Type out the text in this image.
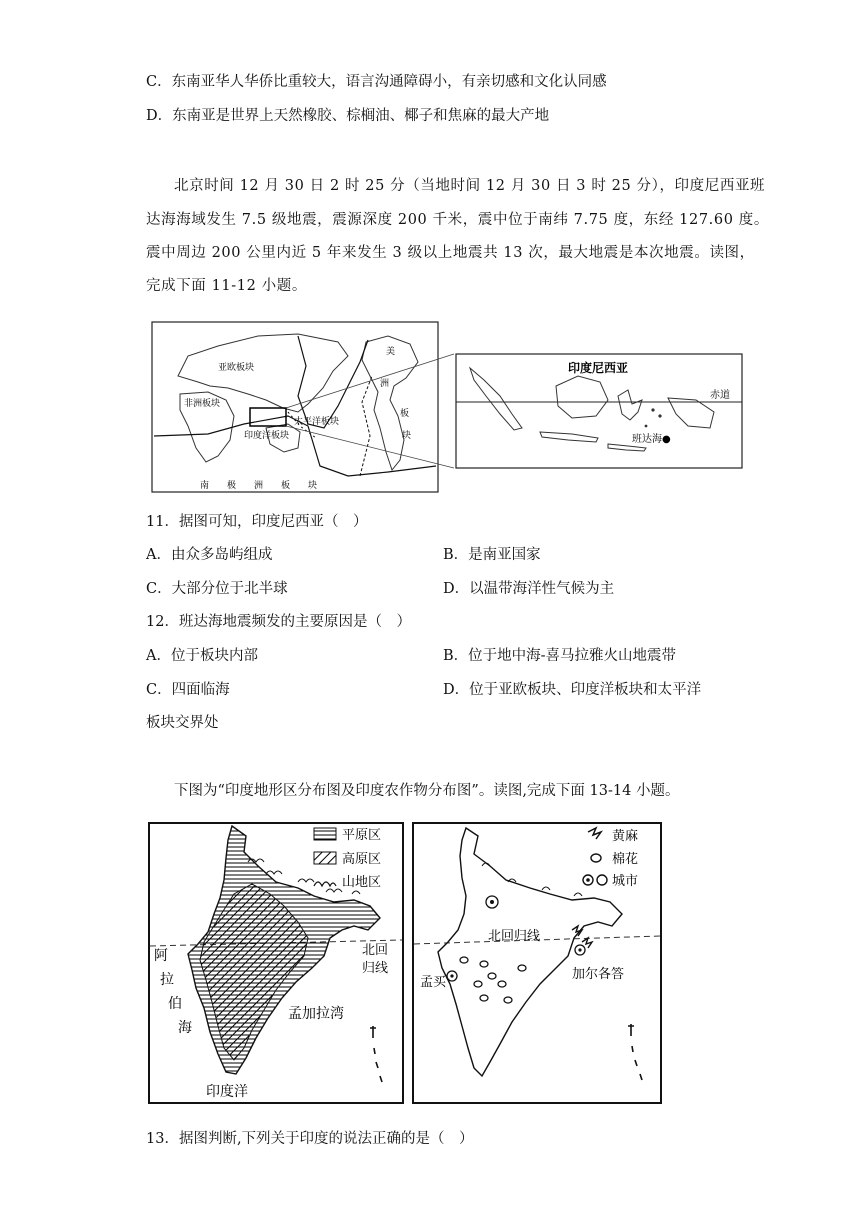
C．东南亚华人华侨比重较大，语言沟通障碍小，有亲切感和文化认同感
D．东南亚是世界上天然橡胶、棕榈油、椰子和焦麻的最大产地
北京时间 12 月 30 日 2 时 25 分（当地时间 12 月 30 日 3 时 25 分），印度尼西亚班
达海海域发生 7.5 级地震，震源深度 200 千米，震中位于南纬 7.75 度，东经 127.60 度。
震中周边 200 公里内近 5 年来发生 3 级以上地震共 13 次，最大地震是本次地震。读图，
完成下面 11-12 小题。
亚欧板块
非洲板块
印度洋板块
太平洋板块
美
洲
板
块
南　　极　　洲　　板　　块
印度尼西亚
赤道
班达海●
11．据图可知，印度尼西亚（　）
A．由众多岛屿组成	B．是南亚国家
C．大部分位于北半球	D．以温带海洋性气候为主
12．班达海地震频发的主要原因是（　）
A．位于板块内部	B．位于地中海-喜马拉雅火山地震带
C．四面临海	D．位于亚欧板块、印度洋板块和太平洋
板块交界处
下图为“印度地形区分布图及印度农作物分布图”。读图,完成下面 13-14 小题。
平原区
高原区
山地区
北回
归线
阿
拉
伯
海
孟加拉湾
印度洋
黄麻
棉花
城市
北回归线
孟买
加尔各答
13．据图判断,下列关于印度的说法正确的是（　）
